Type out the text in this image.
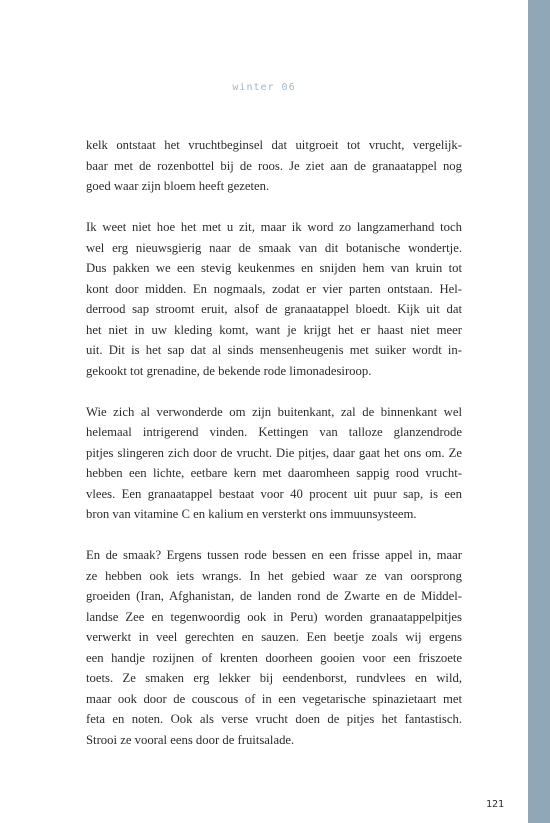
winter 06
kelk ontstaat het vruchtbeginsel dat uitgroeit tot vrucht, vergelijk-
baar met de rozenbottel bij de roos. Je ziet aan de granaatappel nog
goed waar zijn bloem heeft gezeten.
Ik weet niet hoe het met u zit, maar ik word zo langzamerhand toch
wel erg nieuwsgierig naar de smaak van dit botanische wondertje.
Dus pakken we een stevig keukenmes en snijden hem van kruin tot
kont door midden. En nogmaals, zodat er vier parten ontstaan. Hel-
derrood sap stroomt eruit, alsof de granaatappel bloedt. Kijk uit dat
het niet in uw kleding komt, want je krijgt het er haast niet meer
uit. Dit is het sap dat al sinds mensenheugenis met suiker wordt in-
gekookt tot grenadine, de bekende rode limonadesiroop.
Wie zich al verwonderde om zijn buitenkant, zal de binnenkant wel
helemaal intrigerend vinden. Kettingen van talloze glanzendrode
pitjes slingeren zich door de vrucht. Die pitjes, daar gaat het ons om. Ze
hebben een lichte, eetbare kern met daaromheen sappig rood vrucht-
vlees. Een granaatappel bestaat voor 40 procent uit puur sap, is een
bron van vitamine C en kalium en versterkt ons immuunsysteem.
En de smaak? Ergens tussen rode bessen en een frisse appel in, maar
ze hebben ook iets wrangs. In het gebied waar ze van oorsprong
groeiden (Iran, Afghanistan, de landen rond de Zwarte en de Middel-
landse Zee en tegenwoordig ook in Peru) worden granaatappelpitjes
verwerkt in veel gerechten en sauzen. Een beetje zoals wij ergens
een handje rozijnen of krenten doorheen gooien voor een friszoete
toets. Ze smaken erg lekker bij eendenborst, rundvlees en wild,
maar ook door de couscous of in een vegetarische spinazietaart met
feta en noten. Ook als verse vrucht doen de pitjes het fantastisch.
Strooi ze vooral eens door de fruitsalade.
121
